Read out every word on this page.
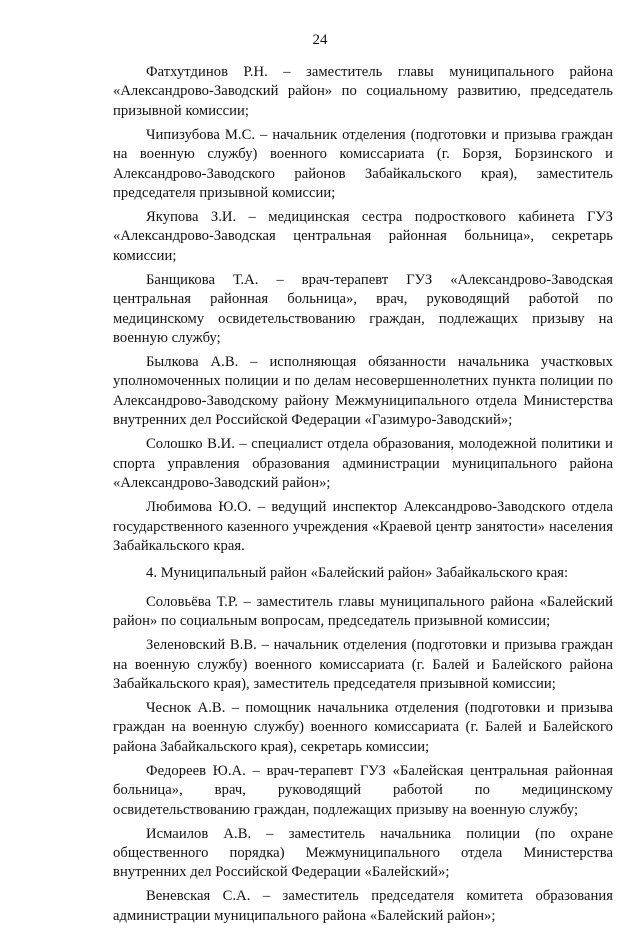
24

Фатхутдинов Р.Н. – заместитель главы муниципального района «Александрово-Заводский район» по социальному развитию, председатель призывной комиссии;

Чипизубова М.С. – начальник отделения (подготовки и призыва граждан на военную службу) военного комиссариата (г. Борзя, Борзинского и Александрово-Заводского районов Забайкальского края), заместитель председателя призывной комиссии;

Якупова З.И. – медицинская сестра подросткового кабинета ГУЗ «Александрово-Заводская центральная районная больница», секретарь комиссии;

Банщикова Т.А. – врач-терапевт ГУЗ «Александрово-Заводская центральная районная больница», врач, руководящий работой по медицинскому освидетельствованию граждан, подлежащих призыву на военную службу;

Былкова А.В. – исполняющая обязанности начальника участковых уполномоченных полиции и по делам несовершеннолетних пункта полиции по Александрово-Заводскому району Межмуниципального отдела Министерства внутренних дел Российской Федерации «Газимуро-Заводский»;

Солошко В.И. – специалист отдела образования, молодежной политики и спорта управления образования администрации муниципального района «Александрово-Заводский район»;

Любимова Ю.О. – ведущий инспектор Александрово-Заводского отдела государственного казенного учреждения «Краевой центр занятости» населения Забайкальского края.

4. Муниципальный район «Балейский район» Забайкальского края:

Соловьёва Т.Р. – заместитель главы муниципального района «Балейский район» по социальным вопросам, председатель призывной комиссии;

Зеленовский В.В. – начальник отделения (подготовки и призыва граждан на военную службу) военного комиссариата (г. Балей и Балейского района Забайкальского края), заместитель председателя призывной комиссии;

Чеснок А.В. – помощник начальника отделения (подготовки и призыва граждан на военную службу) военного комиссариата (г. Балей и Балейского района Забайкальского края), секретарь комиссии;

Федореев Ю.А. – врач-терапевт ГУЗ «Балейская центральная районная больница», врач, руководящий работой по медицинскому освидетельствованию граждан, подлежащих призыву на военную службу;

Исмаилов А.В. – заместитель начальника полиции (по охране общественного порядка) Межмуниципального отдела Министерства внутренних дел Российской Федерации «Балейский»;

Веневская С.А. – заместитель председателя комитета образования администрации муниципального района «Балейский район»;
